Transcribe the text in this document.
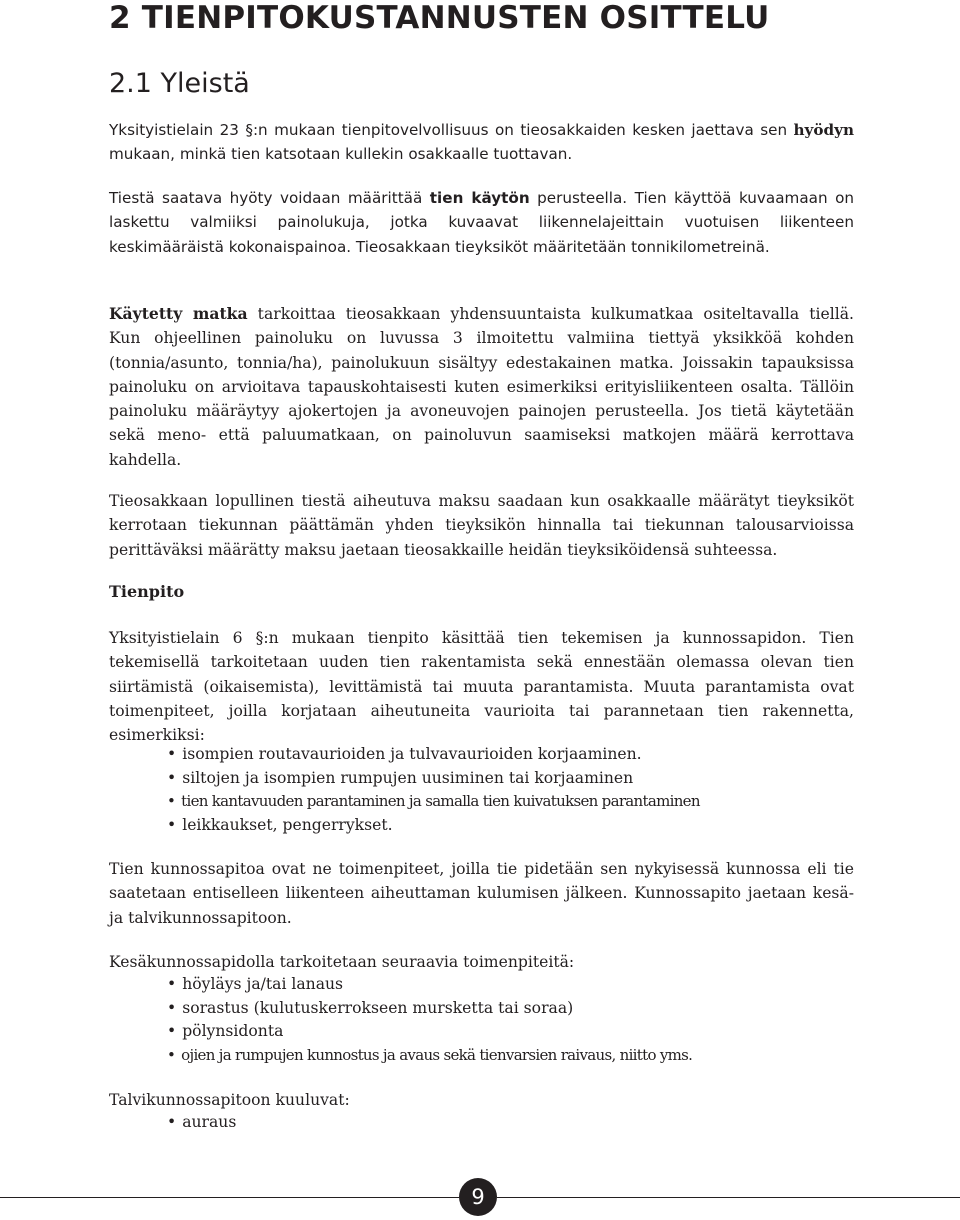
2 TIENPITOKUSTANNUSTEN OSITTELU
2.1 Yleistä

Yksityistielain 23 §:n mukaan tienpitovelvollisuus on tieosakkaiden kesken jaettava sen hyödyn mukaan, minkä tien katsotaan kullekin osakkaalle tuottavan.

Tiestä saatava hyöty voidaan määrittää tien käytön perusteella. Tien käyttöä kuvaamaan on laskettu valmiiksi painolukuja, jotka kuvaavat liikennelajeittain vuotuisen liikenteen keskimääräistä kokonaispainoa. Tieosakkaan tieyksiköt määritetään tonnikilometreinä.

Käytetty matka tarkoittaa tieosakkaan yhdensuuntaista kulkumatkaa ositeltavalla tiellä. Kun ohjeellinen painoluku on luvussa 3 ilmoitettu valmiina tiettyä yksikköä kohden (tonnia/asunto, tonnia/ha), painolukuun sisältyy edestakainen matka. Joissakin tapauksissa painoluku on arvioitava tapauskohtaisesti kuten esimerkiksi erityisliikenteen osalta. Tällöin painoluku määräytyy ajokertojen ja avoneuvojen painojen perusteella. Jos tietä käytetään sekä meno- että paluumatkaan, on painoluvun saamiseksi matkojen määrä kerrottava kahdella.

Tieosakkaan lopullinen tiestä aiheutuva maksu saadaan kun osakkaalle määrätyt tieyksiköt kerrotaan tiekunnan päättämän yhden tieyksikön hinnalla tai tiekunnan talousarvioissa perittäväksi määrätty maksu jaetaan tieosakkaille heidän tieyksiköidensä suhteessa.

Tienpito

Yksityistielain 6 §:n mukaan tienpito käsittää tien tekemisen ja kunnossapidon. Tien tekemisellä tarkoitetaan uuden tien rakentamista sekä ennestään olemassa olevan tien siirtämistä (oikaisemista), levittämistä tai muuta parantamista. Muuta parantamista ovat toimenpiteet, joilla korjataan aiheutuneita vaurioita tai parannetaan tien rakennetta, esimerkiksi:

• isompien routavaurioiden ja tulvavaurioiden korjaaminen.
• siltojen ja isompien rumpujen uusiminen tai korjaaminen
• tien kantavuuden parantaminen ja samalla tien kuivatuksen parantaminen
• leikkaukset, pengerrykset.

Tien kunnossapitoa ovat ne toimenpiteet, joilla tie pidetään sen nykyisessä kunnossa eli tie saatetaan entiselleen liikenteen aiheuttaman kulumisen jälkeen. Kunnossapito jaetaan kesä- ja talvikunnossapitoon.

Kesäkunnossapidolla tarkoitetaan seuraavia toimenpiteitä:

• höyläys ja/tai lanaus
• sorastus (kulutuskerrokseen mursketta tai soraa)
• pölynsidonta
• ojien ja rumpujen kunnostus ja avaus sekä tienvarsien raivaus, niitto yms.

Talvikunnossapitoon kuuluvat:

• auraus
9
